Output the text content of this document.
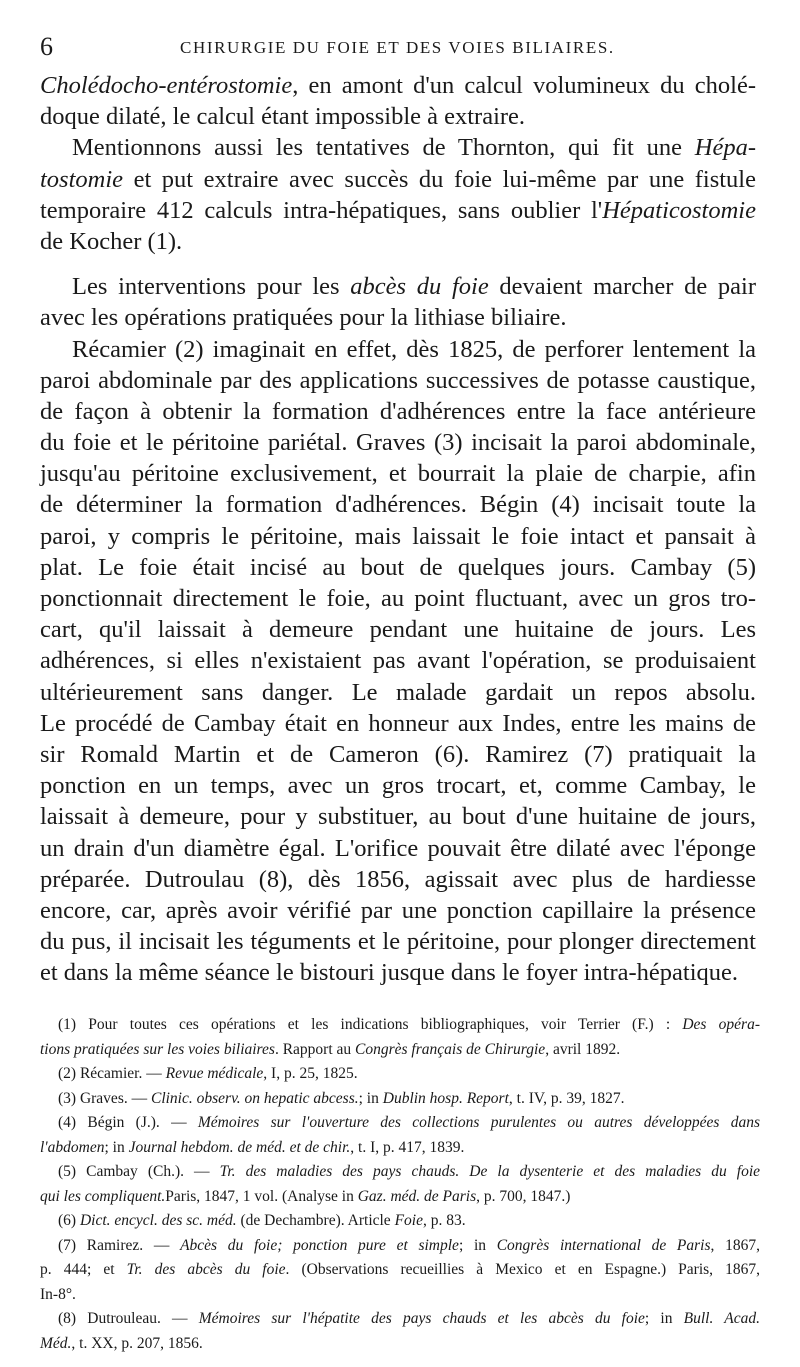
6	CHIRURGIE DU FOIE ET DES VOIES BILIAIRES.
Cholédocho-entérostomie, en amont d'un calcul volumineux du cholé-
doque dilaté, le calcul étant impossible à extraire.
Mentionnons aussi les tentatives de Thornton, qui fit une Hépa-
tostomie et put extraire avec succès du foie lui-même par une fistule
temporaire 412 calculs intra-hépatiques, sans oublier l'Hépaticostomie
de Kocher (1).
Les interventions pour les abcès du foie devaient marcher de pair
avec les opérations pratiquées pour la lithiase biliaire.
Récamier (2) imaginait en effet, dès 1825, de perforer lentement la
paroi abdominale par des applications successives de potasse caustique,
de façon à obtenir la formation d'adhérences entre la face antérieure
du foie et le péritoine pariétal. Graves (3) incisait la paroi abdominale,
jusqu'au péritoine exclusivement, et bourrait la plaie de charpie, afin
de déterminer la formation d'adhérences. Bégin (4) incisait toute la
paroi, y compris le péritoine, mais laissait le foie intact et pansait à
plat. Le foie était incisé au bout de quelques jours. Cambay (5)
ponctionnait directement le foie, au point fluctuant, avec un gros tro-
cart, qu'il laissait à demeure pendant une huitaine de jours. Les
adhérences, si elles n'existaient pas avant l'opération, se produisaient
ultérieurement sans danger. Le malade gardait un repos absolu.
Le procédé de Cambay était en honneur aux Indes, entre les mains de
sir Romald Martin et de Cameron (6). Ramirez (7) pratiquait la
ponction en un temps, avec un gros trocart, et, comme Cambay, le
laissait à demeure, pour y substituer, au bout d'une huitaine de jours,
un drain d'un diamètre égal. L'orifice pouvait être dilaté avec l'éponge
préparée. Dutroulau (8), dès 1856, agissait avec plus de hardiesse
encore, car, après avoir vérifié par une ponction capillaire la présence
du pus, il incisait les téguments et le péritoine, pour plonger directement
et dans la même séance le bistouri jusque dans le foyer intra-hépatique.
(1) Pour toutes ces opérations et les indications bibliographiques, voir Terrier (F.) : Des opéra-
tions pratiquées sur les voies biliaires. Rapport au Congrès français de Chirurgie, avril 1892.
(2) Récamier. — Revue médicale, I, p. 25, 1825.
(3) Graves. — Clinic. observ. on hepatic abcess.; in Dublin hosp. Report, t. IV, p. 39, 1827.
(4) Bégin (J.). — Mémoires sur l'ouverture des collections purulentes ou autres développées dans
l'abdomen; in Journal hebdom. de méd. et de chir., t. I, p. 417, 1839.
(5) Cambay (Ch.). — Tr. des maladies des pays chauds. De la dysenterie et des maladies du foie
qui les compliquent.Paris, 1847, 1 vol. (Analyse in Gaz. méd. de Paris, p. 700, 1847.)
(6) Dict. encycl. des sc. méd. (de Dechambre). Article Foie, p. 83.
(7) Ramirez. — Abcès du foie; ponction pure et simple; in Congrès international de Paris, 1867,
p. 444; et Tr. des abcès du foie. (Observations recueillies à Mexico et en Espagne.) Paris, 1867,
In-8°.
(8) Dutrouleau. — Mémoires sur l'hépatite des pays chauds et les abcès du foie; in Bull. Acad.
Méd., t. XX, p. 207, 1856.
